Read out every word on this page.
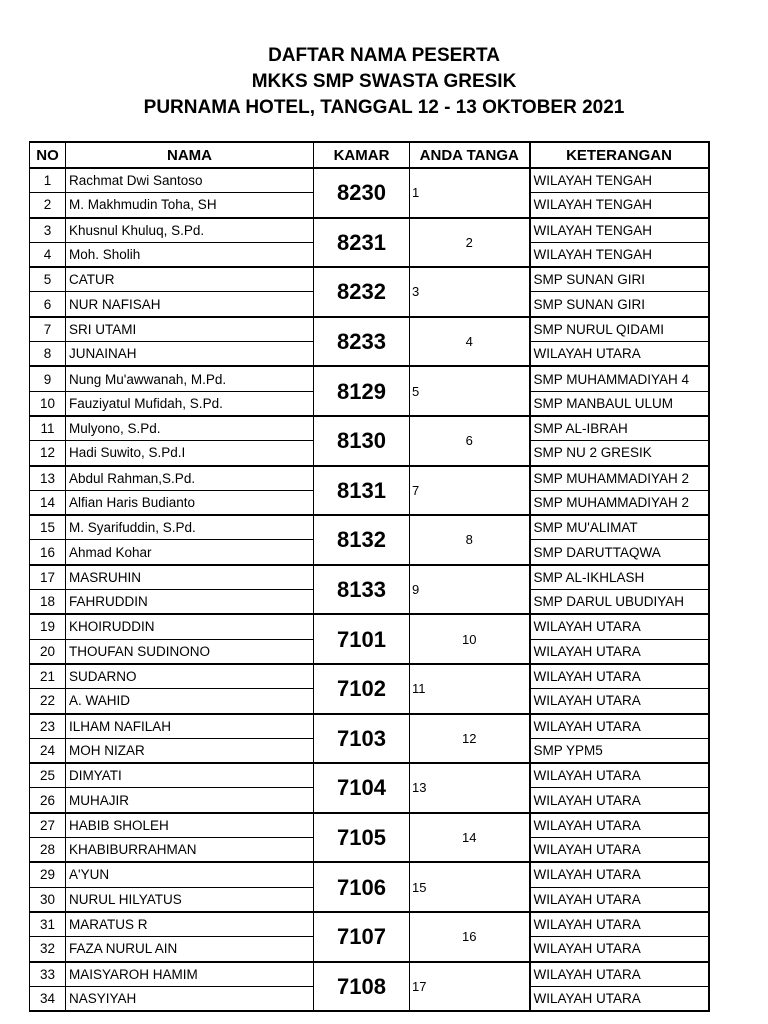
DAFTAR NAMA PESERTA
MKKS SMP SWASTA GRESIK
PURNAMA HOTEL, TANGGAL 12 - 13 OKTOBER 2021
NO	NAMA	KAMAR	ANDA TANGA	KETERANGAN
1	Rachmat Dwi Santoso	8230	1	WILAYAH TENGAH
2	M. Makhmudin Toha, SH			WILAYAH TENGAH
3	Khusnul Khuluq, S.Pd.	8231	2	WILAYAH TENGAH
4	Moh. Sholih			WILAYAH TENGAH
5	CATUR	8232	3	SMP SUNAN GIRI
6	NUR NAFISAH			SMP SUNAN GIRI
7	SRI UTAMI	8233	4	SMP NURUL QIDAMI
8	JUNAINAH			WILAYAH UTARA
9	Nung Mu'awwanah, M.Pd.	8129	5	SMP MUHAMMADIYAH 4
10	Fauziyatul Mufidah, S.Pd.			SMP MANBAUL ULUM
11	Mulyono, S.Pd.	8130	6	SMP AL-IBRAH
12	Hadi Suwito, S.Pd.I			SMP NU 2 GRESIK
13	Abdul Rahman,S.Pd.	8131	7	SMP MUHAMMADIYAH 2
14	Alfian Haris Budianto			SMP MUHAMMADIYAH 2
15	M. Syarifuddin, S.Pd.	8132	8	SMP MU'ALIMAT
16	Ahmad Kohar			SMP DARUTTAQWA
17	MASRUHIN	8133	9	SMP AL-IKHLASH
18	FAHRUDDIN			SMP DARUL UBUDIYAH
19	KHOIRUDDIN	7101	10	WILAYAH UTARA
20	THOUFAN SUDINONO			WILAYAH UTARA
21	SUDARNO	7102	11	WILAYAH UTARA
22	A. WAHID			WILAYAH UTARA
23	ILHAM NAFILAH	7103	12	WILAYAH UTARA
24	MOH NIZAR			SMP YPM5
25	DIMYATI	7104	13	WILAYAH UTARA
26	MUHAJIR			WILAYAH UTARA
27	HABIB SHOLEH	7105	14	WILAYAH UTARA
28	KHABIBURRAHMAN			WILAYAH UTARA
29	A'YUN	7106	15	WILAYAH UTARA
30	NURUL HILYATUS			WILAYAH UTARA
31	MARATUS R	7107	16	WILAYAH UTARA
32	FAZA NURUL AIN			WILAYAH UTARA
33	MAISYAROH HAMIM	7108	17	WILAYAH UTARA
34	NASYIYAH			WILAYAH UTARA
